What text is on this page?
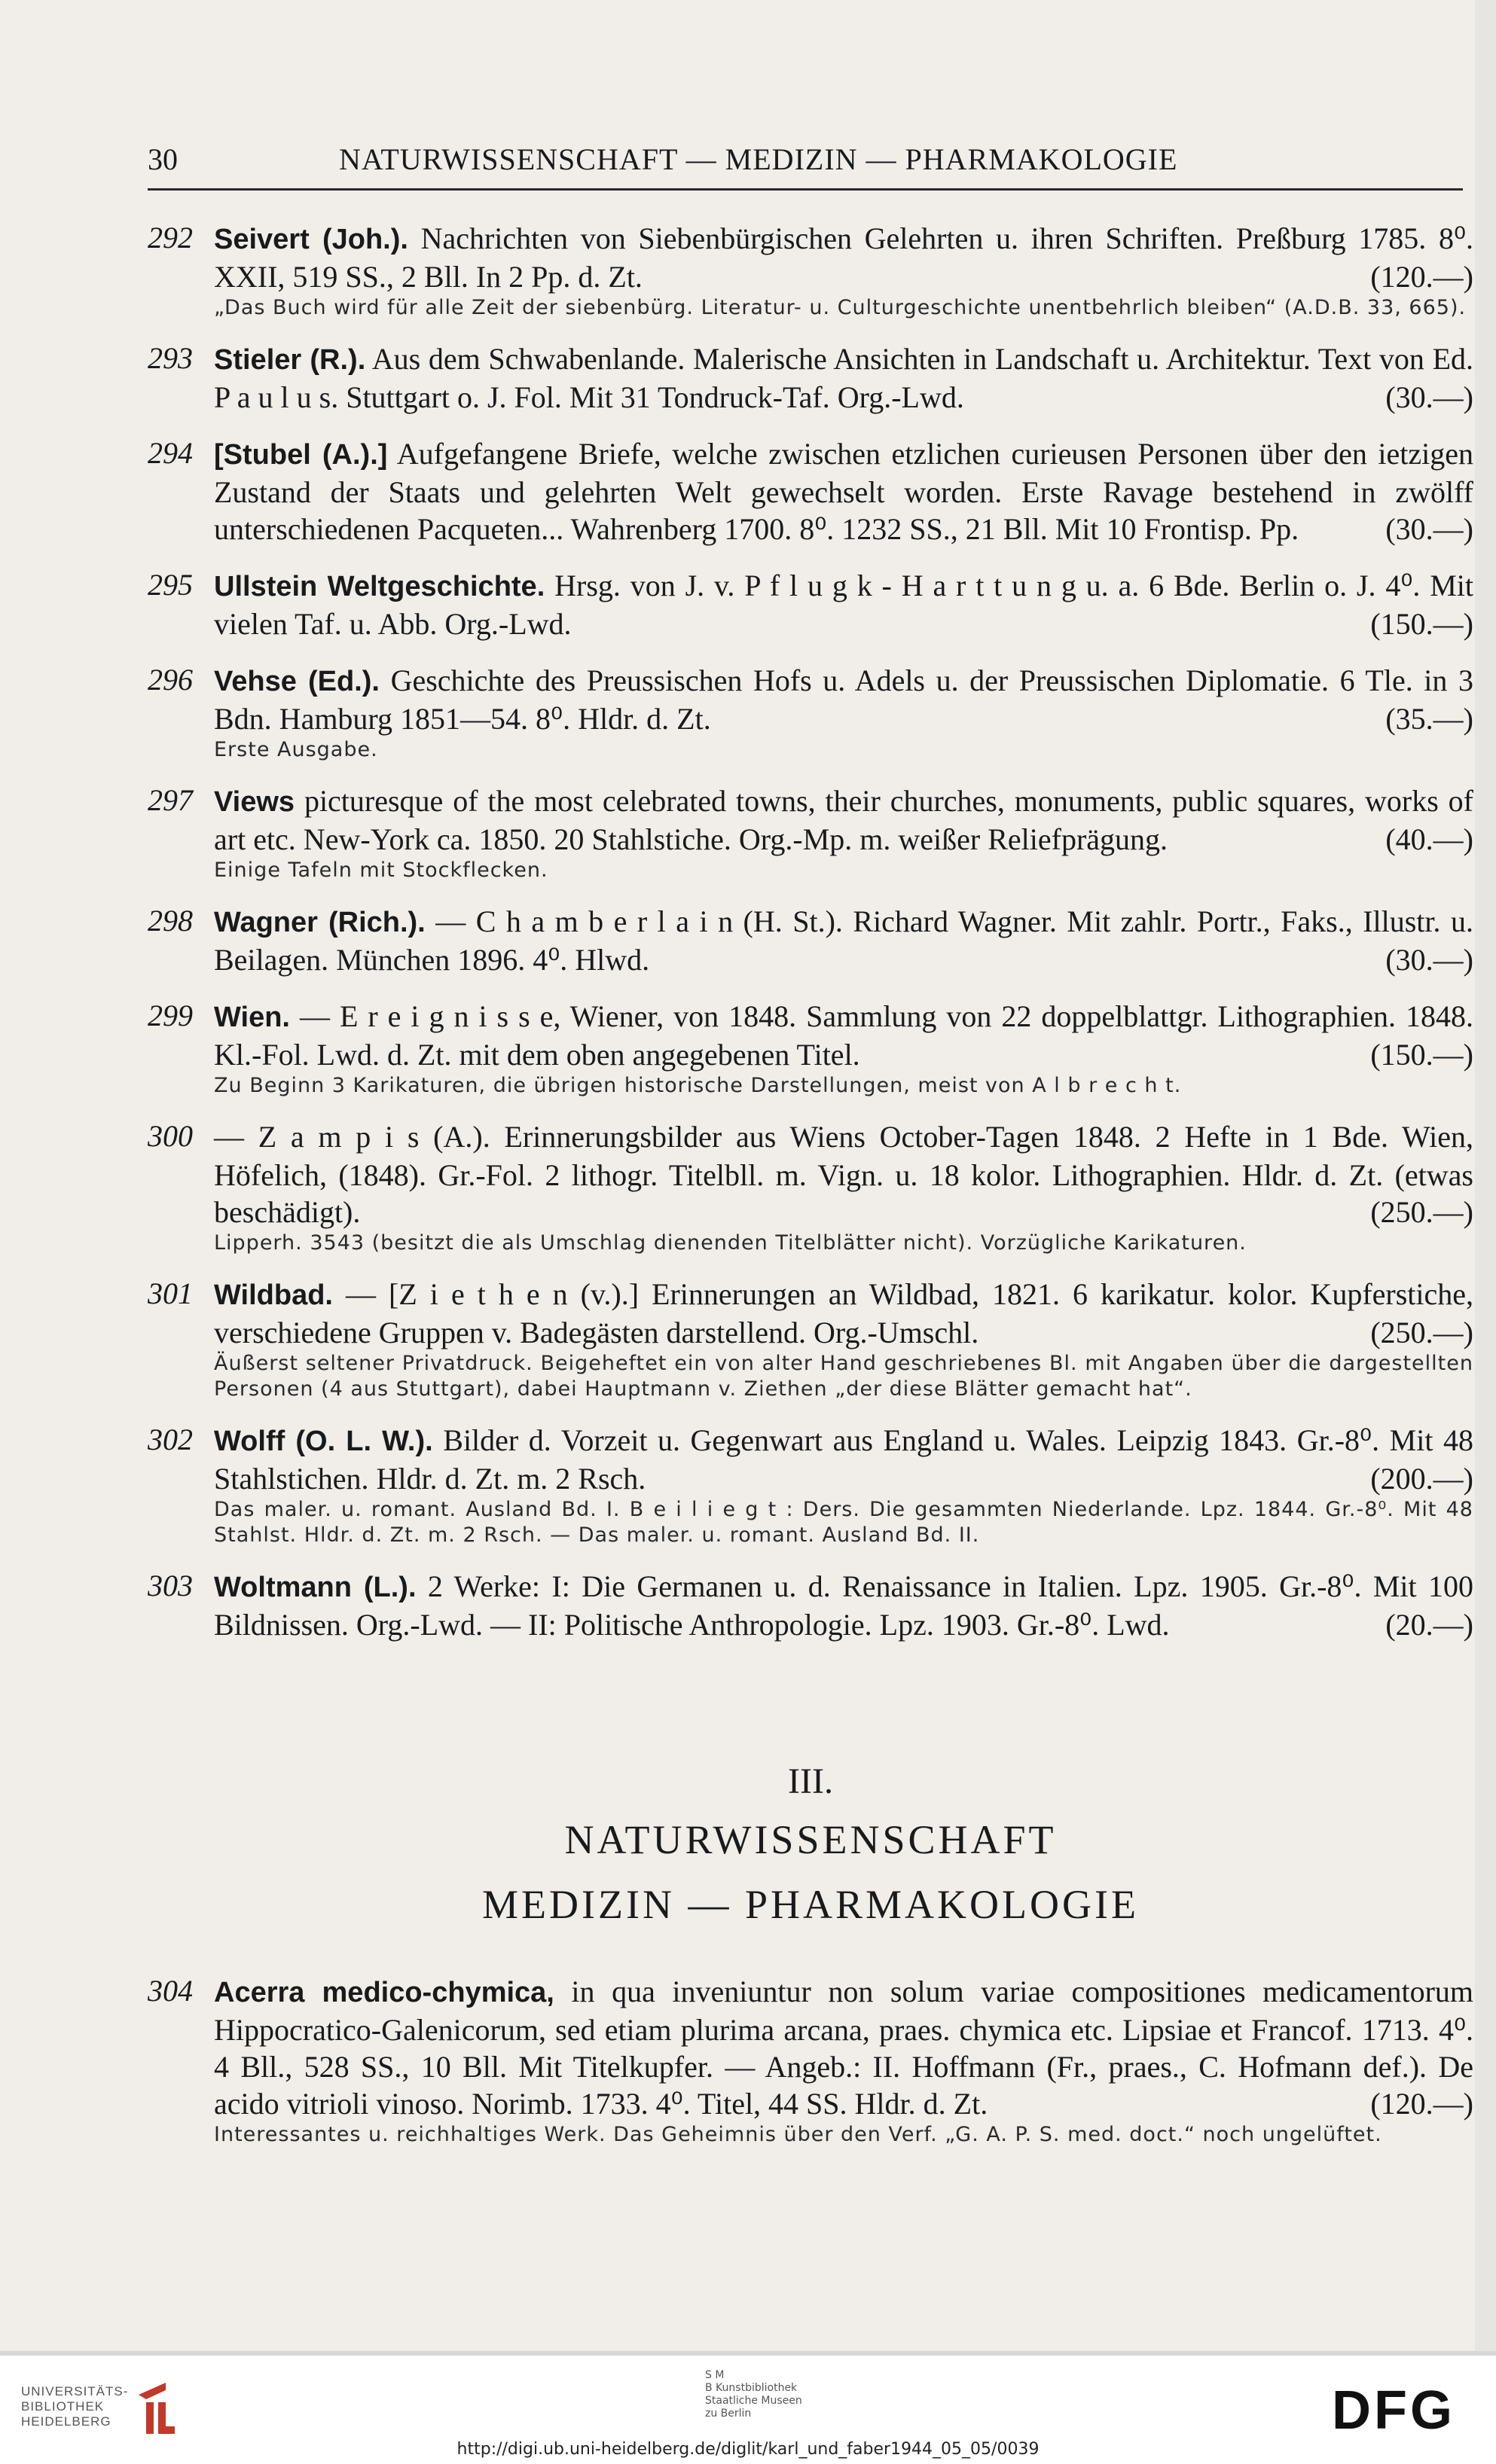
30	NATURWISSENSCHAFT — MEDIZIN — PHARMAKOLOGIE
292 Seivert (Joh.). Nachrichten von Siebenbürgischen Gelehrten u. ihren Schriften. Preßburg 1785. 8⁰. XXII, 519 SS., 2 Bll. In 2 Pp. d. Zt.	(120.—)
„Das Buch wird für alle Zeit der siebenbürg. Literatur- u. Culturgeschichte unentbehrlich bleiben“ (A.D.B. 33, 665).
293 Stieler (R.). Aus dem Schwabenlande. Malerische Ansichten in Landschaft u. Architektur. Text von Ed. P a u l u s. Stuttgart o. J. Fol. Mit 31 Tondruck-Taf. Org.-Lwd.	(30.—)
294 [Stubel (A.).] Aufgefangene Briefe, welche zwischen etzlichen curieusen Personen über den ietzigen Zustand der Staats und gelehrten Welt gewechselt worden. Erste Ravage bestehend in zwölff unterschiedenen Pacqueten... Wahrenberg 1700. 8⁰. 1232 SS., 21 Bll. Mit 10 Frontisp. Pp.	(30.—)
295 Ullstein Weltgeschichte. Hrsg. von J. v. P f l u g k - H a r t t u n g u. a. 6 Bde. Berlin o. J. 4⁰. Mit vielen Taf. u. Abb. Org.-Lwd.	(150.—)
296 Vehse (Ed.). Geschichte des Preussischen Hofs u. Adels u. der Preussischen Diplomatie. 6 Tle. in 3 Bdn. Hamburg 1851—54. 8⁰. Hldr. d. Zt.	(35.—)
Erste Ausgabe.
297 Views picturesque of the most celebrated towns, their churches, monuments, public squares, works of art etc. New-York ca. 1850. 20 Stahlstiche. Org.-Mp. m. weißer Reliefprägung.	(40.—)
Einige Tafeln mit Stockflecken.
298 Wagner (Rich.). — C h a m b e r l a i n (H. St.). Richard Wagner. Mit zahlr. Portr., Faks., Illustr. u. Beilagen. München 1896. 4⁰. Hlwd.	(30.—)
299 Wien. — E r e i g n i s s e, Wiener, von 1848. Sammlung von 22 doppelblattgr. Lithographien. 1848. Kl.-Fol. Lwd. d. Zt. mit dem oben angegebenen Titel.	(150.—)
Zu Beginn 3 Karikaturen, die übrigen historische Darstellungen, meist von A l b r e c h t.
300 — Z a m p i s (A.). Erinnerungsbilder aus Wiens October-Tagen 1848. 2 Hefte in 1 Bde. Wien, Höfelich, (1848). Gr.-Fol. 2 lithogr. Titelbll. m. Vign. u. 18 kolor. Lithographien. Hldr. d. Zt. (etwas beschädigt).	(250.—)
Lipperh. 3543 (besitzt die als Umschlag dienenden Titelblätter nicht). Vorzügliche Karikaturen.
301 Wildbad. — [Z i e t h e n (v.).] Erinnerungen an Wildbad, 1821. 6 karikatur. kolor. Kupferstiche, verschiedene Gruppen v. Badegästen darstellend. Org.-Umschl.	(250.—)
Äußerst seltener Privatdruck. Beigeheftet ein von alter Hand geschriebenes Bl. mit Angaben über die dargestellten Personen (4 aus Stuttgart), dabei Hauptmann v. Ziethen „der diese Blätter gemacht hat“.
302 Wolff (O. L. W.). Bilder d. Vorzeit u. Gegenwart aus England u. Wales. Leipzig 1843. Gr.-8⁰. Mit 48 Stahlstichen. Hldr. d. Zt. m. 2 Rsch.	(200.—)
Das maler. u. romant. Ausland Bd. I. B e i l i e g t : Ders. Die gesammten Niederlande. Lpz. 1844. Gr.-8⁰. Mit 48 Stahlst. Hldr. d. Zt. m. 2 Rsch. — Das maler. u. romant. Ausland Bd. II.
303 Woltmann (L.). 2 Werke: I: Die Germanen u. d. Renaissance in Italien. Lpz. 1905. Gr.-8⁰. Mit 100 Bildnissen. Org.-Lwd. — II: Politische Anthropologie. Lpz. 1903. Gr.-8⁰. Lwd.	(20.—)
III.
NATURWISSENSCHAFT
MEDIZIN — PHARMAKOLOGIE
304 Acerra medico-chymica, in qua inveniuntur non solum variae compositiones medicamentorum Hippocratico-Galenicorum, sed etiam plurima arcana, praes. chymica etc. Lipsiae et Francof. 1713. 4⁰. 4 Bll., 528 SS., 10 Bll. Mit Titelkupfer. — Angeb.: II. Hoffmann (Fr., praes., C. Hofmann def.). De acido vitrioli vinoso. Norimb. 1733. 4⁰. Titel, 44 SS. Hldr. d. Zt.	(120.—)
Interessantes u. reichhaltiges Werk. Das Geheimnis über den Verf. „G. A. P. S. med. doct.“ noch ungelüftet.
UNIVERSITÄTS-
BIBLIOTHEK
HEIDELBERG
S M
B Kunstbibliothek
Staatliche Museen
zu Berlin	DFG
http://digi.ub.uni-heidelberg.de/diglit/karl_und_faber1944_05_05/0039
